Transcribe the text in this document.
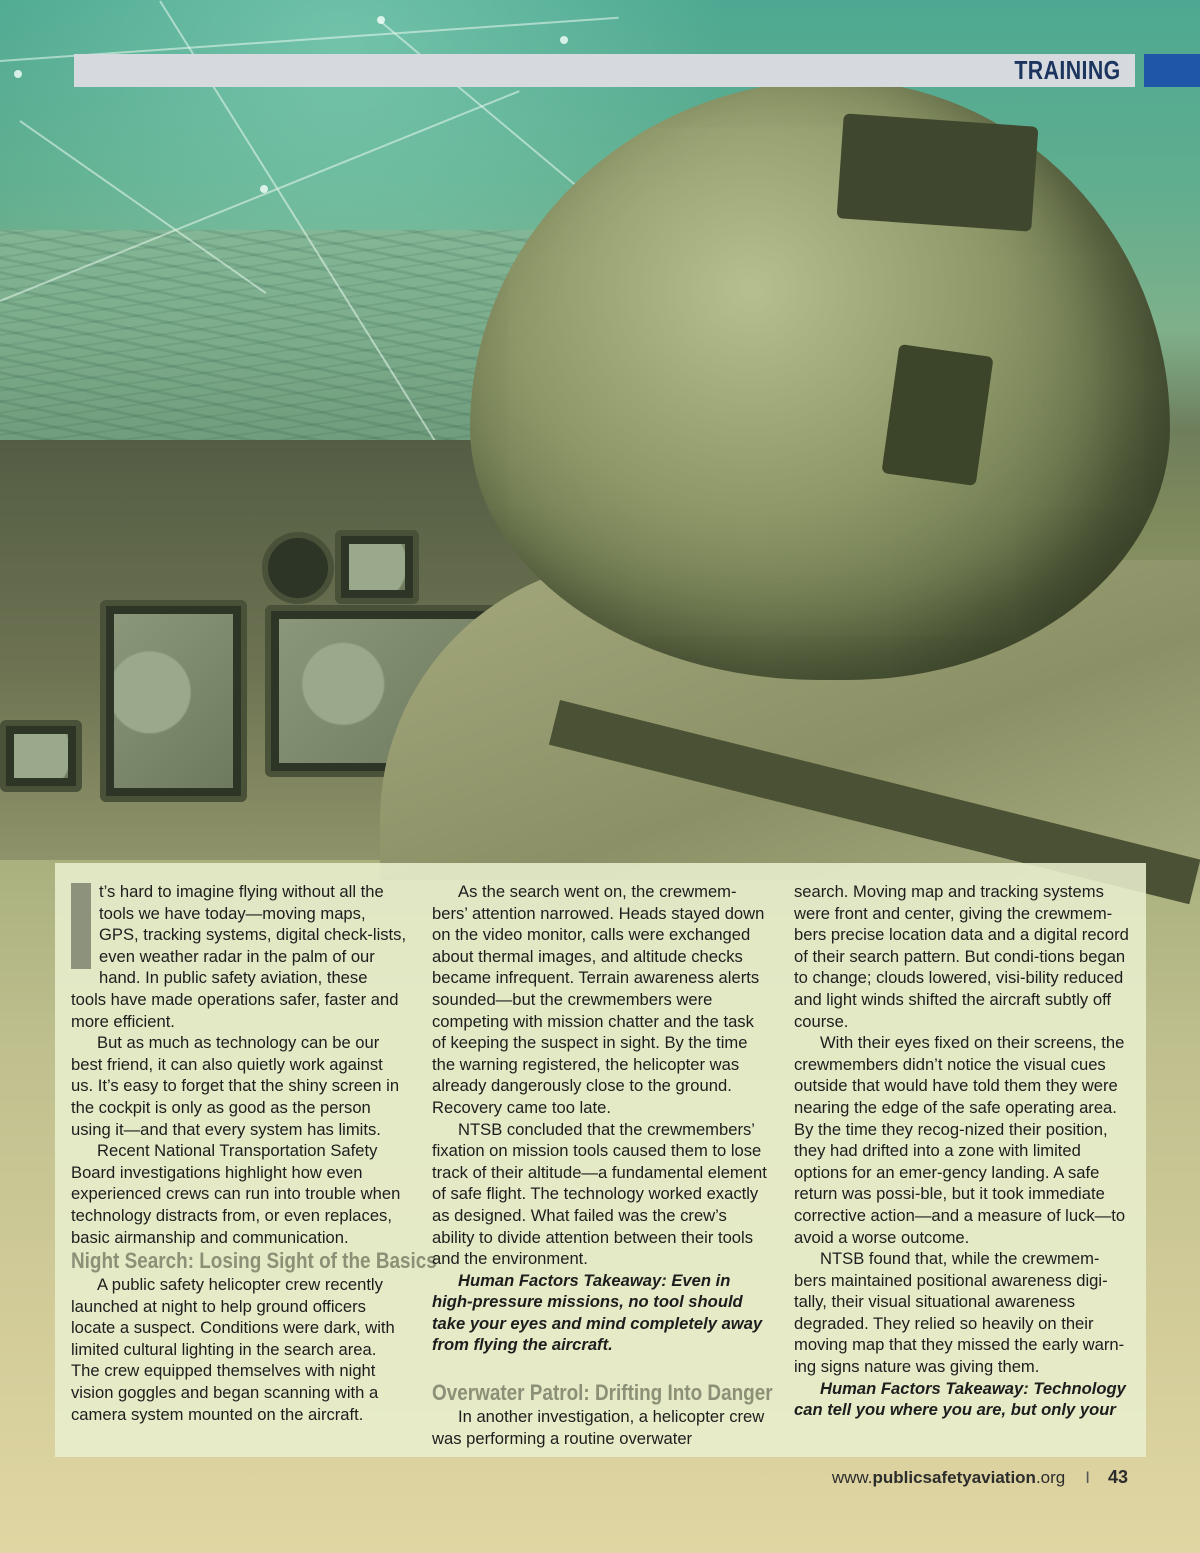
TRAINING

t’s hard to imagine flying without all the tools we have today—moving maps, GPS, tracking systems, digital check-lists, even weather radar in the palm of our hand. In public safety aviation, these tools have made operations safer, faster and more efficient.

But as much as technology can be our best friend, it can also quietly work against us. It’s easy to forget that the shiny screen in the cockpit is only as good as the person using it—and that every system has limits.

Recent National Transportation Safety Board investigations highlight how even experienced crews can run into trouble when technology distracts from, or even replaces, basic airmanship and communication.

Night Search: Losing Sight of the Basics

A public safety helicopter crew recently launched at night to help ground officers locate a suspect. Conditions were dark, with limited cultural lighting in the search area. The crew equipped themselves with night vision goggles and began scanning with a camera system mounted on the aircraft.

As the search went on, the crewmem-bers’ attention narrowed. Heads stayed down on the video monitor, calls were exchanged about thermal images, and altitude checks became infrequent. Terrain awareness alerts sounded—but the crewmembers were competing with mission chatter and the task of keeping the suspect in sight. By the time the warning registered, the helicopter was already dangerously close to the ground. Recovery came too late.

NTSB concluded that the crewmembers’ fixation on mission tools caused them to lose track of their altitude—a fundamental element of safe flight. The technology worked exactly as designed. What failed was the crew’s ability to divide attention between their tools and the environment.

Human Factors Takeaway: Even in high-pressure missions, no tool should take your eyes and mind completely away from flying the aircraft.

Overwater Patrol: Drifting Into Danger

In another investigation, a helicopter crew was performing a routine overwater

search. Moving map and tracking systems were front and center, giving the crewmem-bers precise location data and a digital record of their search pattern. But condi-tions began to change; clouds lowered, visi-bility reduced and light winds shifted the aircraft subtly off course.

With their eyes fixed on their screens, the crewmembers didn’t notice the visual cues outside that would have told them they were nearing the edge of the safe operating area. By the time they recog-nized their position, they had drifted into a zone with limited options for an emer-gency landing. A safe return was possi-ble, but it took immediate corrective action—and a measure of luck—to avoid a worse outcome.

NTSB found that, while the crewmem-bers maintained positional awareness digi-tally, their visual situational awareness degraded. They relied so heavily on their moving map that they missed the early warn-ing signs nature was giving them.

Human Factors Takeaway: Technology can tell you where you are, but only your

www.publicsafetyaviation.org I 43
